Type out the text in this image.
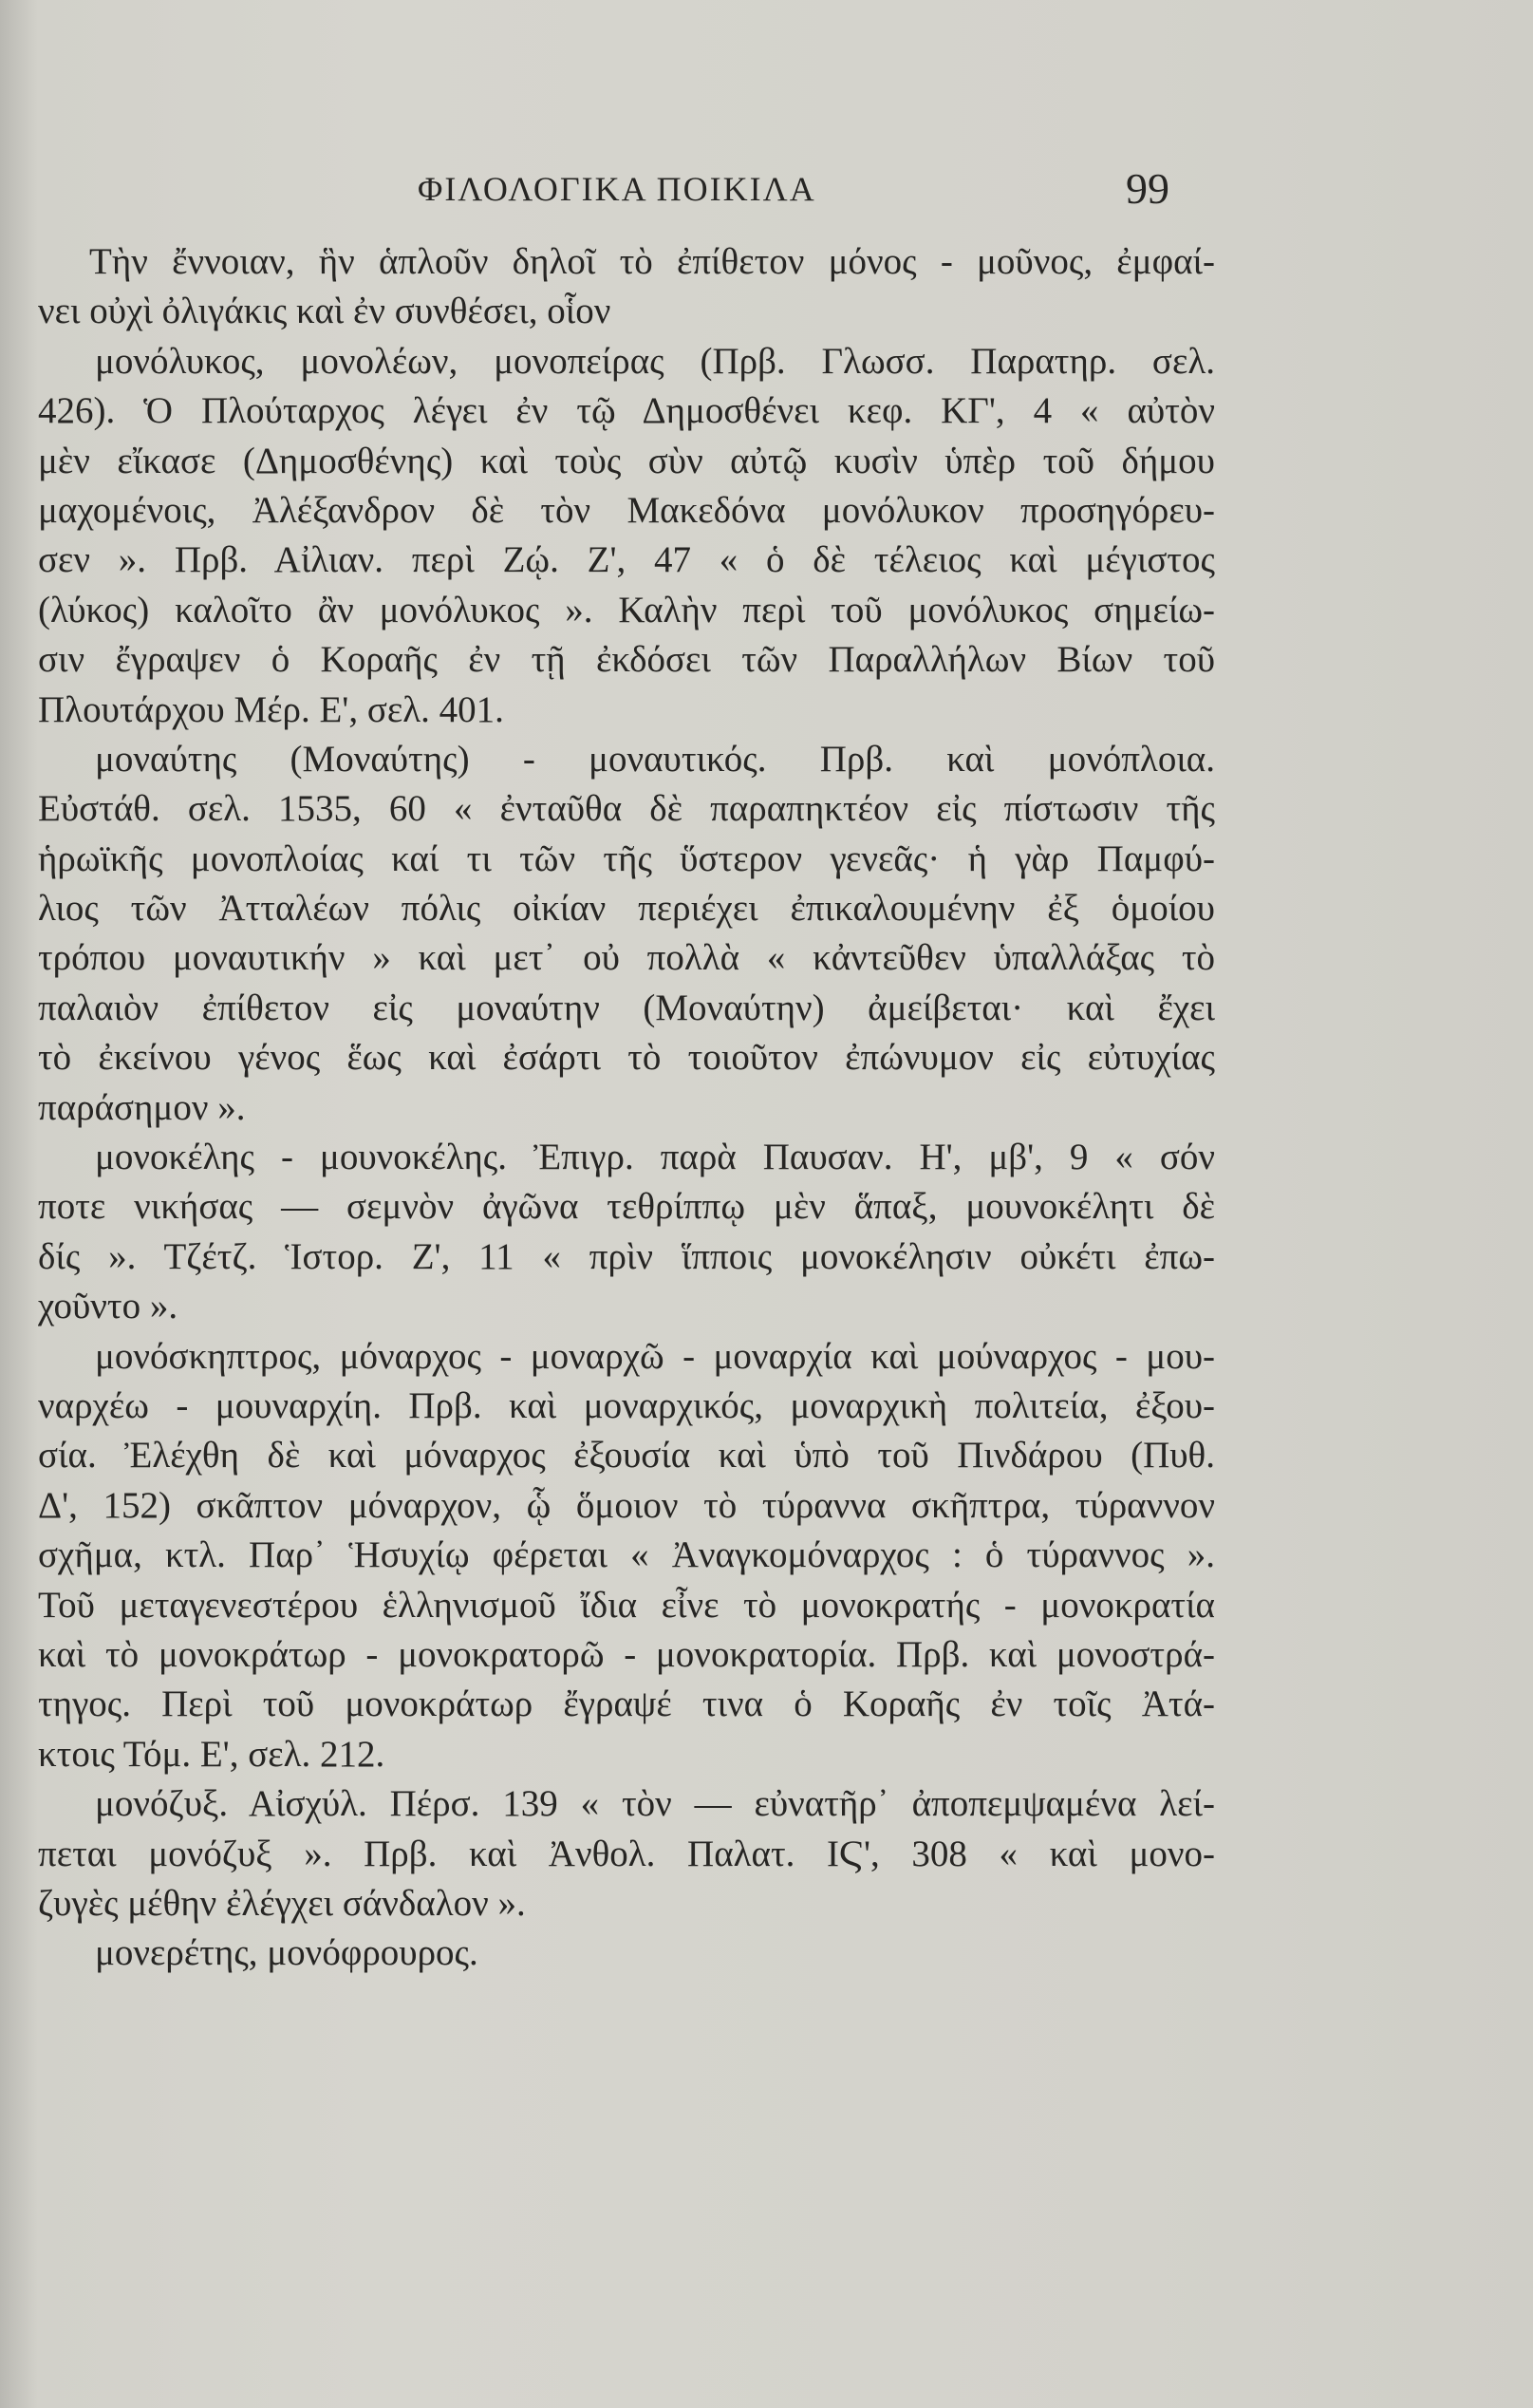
ΦΙΛΟΛΟΓΙΚΑ ΠΟΙΚΙΛΑ	99
Τὴν ἔννοιαν, ἣν ἁπλοῦν δηλοῖ τὸ ἐπίθετον μόνος - μοῦνος, ἐμφαί-
νει οὐχὶ ὀλιγάκις καὶ ἐν συνθέσει, οἷον
μονόλυκος, μονολέων, μονοπείρας (Πρβ. Γλωσσ. Παρατηρ. σελ.
426). Ὁ Πλούταρχος λέγει ἐν τῷ Δημοσθένει κεφ. ΚΓ', 4 « αὐτὸν
μὲν εἴκασε (Δημοσθένης) καὶ τοὺς σὺν αὐτῷ κυσὶν ὑπὲρ τοῦ δήμου
μαχομένοις, Ἀλέξανδρον δὲ τὸν Μακεδόνα μονόλυκον προσηγόρευ-
σεν ». Πρβ. Αἰλιαν. περὶ Ζῴ. Ζ', 47 « ὁ δὲ τέλειος καὶ μέγιστος
(λύκος) καλοῖτο ἂν μονόλυκος ». Καλὴν περὶ τοῦ μονόλυκος σημείω-
σιν ἔγραψεν ὁ Κοραῆς ἐν τῇ ἐκδόσει τῶν Παραλλήλων Βίων τοῦ
Πλουτάρχου Μέρ. Ε', σελ. 401.
μοναύτης (Μοναύτης) - μοναυτικός. Πρβ. καὶ μονόπλοια.
Εὐστάθ. σελ. 1535, 60 « ἐνταῦθα δὲ παραπηκτέον εἰς πίστωσιν τῆς
ἡρωϊκῆς μονοπλοίας καί τι τῶν τῆς ὕστερον γενεᾶς· ἡ γὰρ Παμφύ-
λιος τῶν Ἀτταλέων πόλις οἰκίαν περιέχει ἐπικαλουμένην ἐξ ὁμοίου
τρόπου μοναυτικήν » καὶ μετ᾽ οὐ πολλὰ « κἀντεῦθεν ὑπαλλάξας τὸ
παλαιὸν ἐπίθετον εἰς μοναύτην (Μοναύτην) ἀμείβεται· καὶ ἔχει
τὸ ἐκείνου γένος ἕως καὶ ἐσάρτι τὸ τοιοῦτον ἐπώνυμον εἰς εὐτυχίας
παράσημον ».
μονοκέλης - μουνοκέλης. Ἐπιγρ. παρὰ Παυσαν. Η', μβ', 9 « σόν
ποτε νικήσας — σεμνὸν ἀγῶνα τεθρίππῳ μὲν ἅπαξ, μουνοκέλητι δὲ
δίς ». Τζέτζ. Ἱστορ. Ζ', 11 « πρὶν ἵπποις μονοκέλησιν οὐκέτι ἐπω-
χοῦντο ».
μονόσκηπτρος, μόναρχος - μοναρχῶ - μοναρχία καὶ μούναρχος - μου-
ναρχέω - μουναρχίη. Πρβ. καὶ μοναρχικός, μοναρχικὴ πολιτεία, ἐξου-
σία. Ἐλέχθη δὲ καὶ μόναρχος ἐξουσία καὶ ὑπὸ τοῦ Πινδάρου (Πυθ.
Δ', 152) σκᾶπτον μόναρχον, ᾧ ὅμοιον τὸ τύραννα σκῆπτρα, τύραννον
σχῆμα, κτλ. Παρ᾽ Ἡσυχίῳ φέρεται « Ἀναγκομόναρχος : ὁ τύραννος ».
Τοῦ μεταγενεστέρου ἑλληνισμοῦ ἴδια εἶνε τὸ μονοκρατής - μονοκρατία
καὶ τὸ μονοκράτωρ - μονοκρατορῶ - μονοκρατορία. Πρβ. καὶ μονοστρά-
τηγος. Περὶ τοῦ μονοκράτωρ ἔγραψέ τινα ὁ Κοραῆς ἐν τοῖς Ἀτά-
κτοις Τόμ. Ε', σελ. 212.
μονόζυξ. Αἰσχύλ. Πέρσ. 139 « τὸν — εὐνατῆρ᾽ ἀποπεμψαμένα λεί-
πεται μονόζυξ ». Πρβ. καὶ Ἀνθολ. Παλατ. ΙϚ', 308 « καὶ μονο-
ζυγὲς μέθην ἐλέγχει σάνδαλον ».
μονερέτης, μονόφρουρος.
